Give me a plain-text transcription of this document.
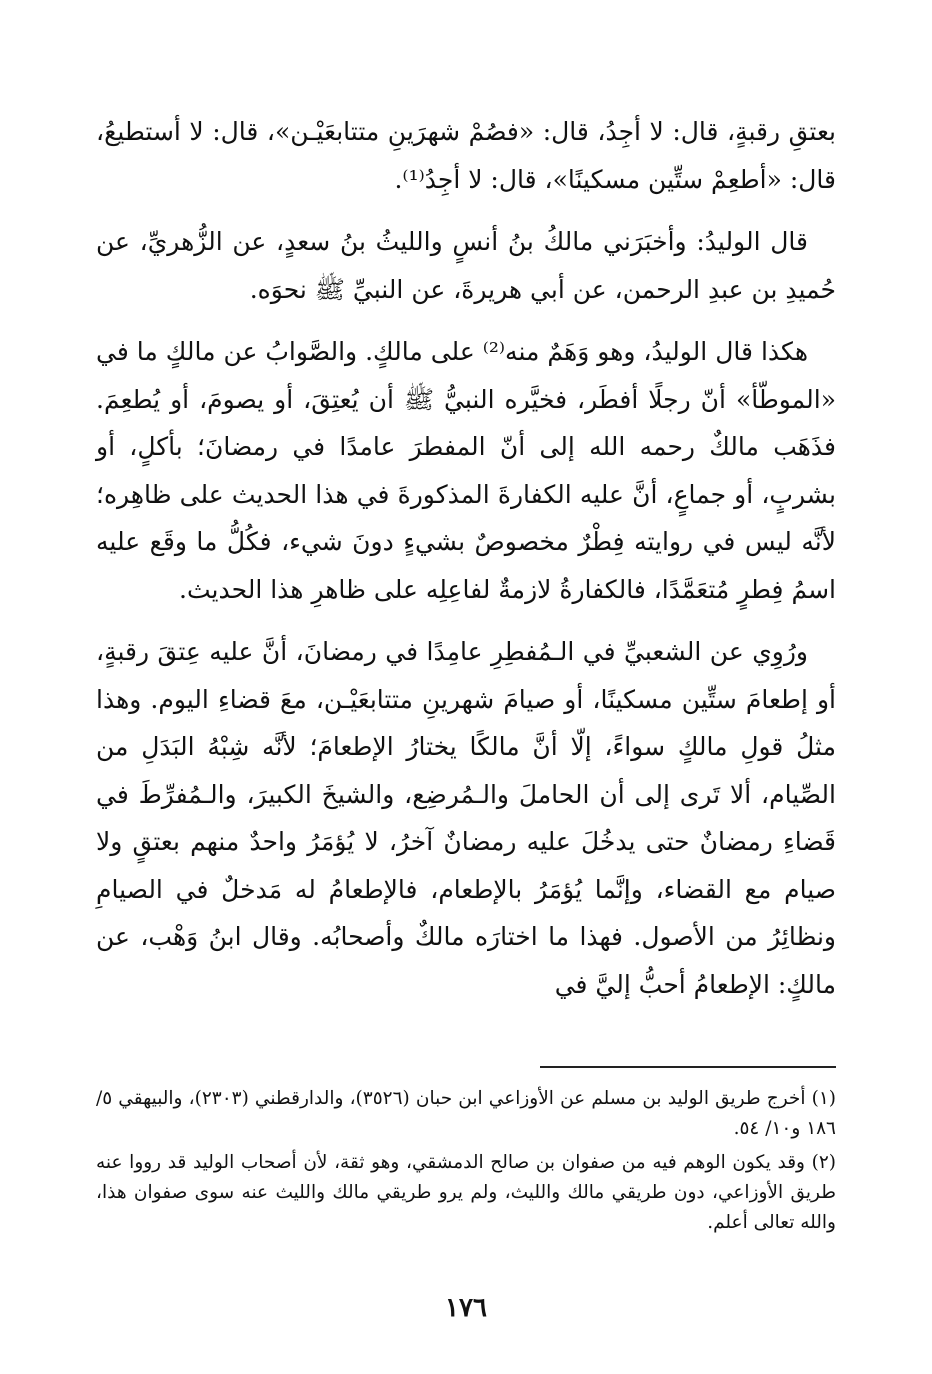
بعتقِ رقبةٍ، قال: لا أجِدُ، قال: «فصُمْ شهرَينِ متتابعَيْـن»، قال: لا أستطيعُ، قال: «أطعِمْ ستِّين مسكينًا»، قال: لا أجِدُ⁽¹⁾.

قال الوليدُ: وأخبَرَني مالكُ بنُ أنسٍ والليثُ بنُ سعدٍ، عن الزُّهريِّ، عن حُميدِ بن عبدِ الرحمن، عن أبي هريرةَ، عن النبيِّ ﷺ نحوَه.

هكذا قال الوليدُ، وهو وَهَمٌ منه⁽²⁾ على مالكٍ. والصَّوابُ عن مالكٍ ما في «الموطّأ» أنّ رجلًا أفطَر، فخيَّره النبيُّ ﷺ أن يُعتِقَ، أو يصومَ، أو يُطعِمَ. فذَهَب مالكٌ رحمه الله إلى أنّ المفطرَ عامدًا في رمضانَ؛ بأكلٍ، أو بشربٍ، أو جماعٍ، أنَّ عليه الكفارةَ المذكورةَ في هذا الحديث على ظاهِره؛ لأنَّه ليس في روايته فِطْرٌ مخصوصٌ بشيءٍ دونَ شيء، فكُلُّ ما وقَع عليه اسمُ فِطرٍ مُتعَمَّدًا، فالكفارةُ لازمةٌ لفاعِلِه على ظاهرِ هذا الحديث.

ورُوِي عن الشعبيِّ في الـمُفطِرِ عامِدًا في رمضانَ، أنَّ عليه عِتقَ رقبةٍ، أو إطعامَ ستِّين مسكينًا، أو صيامَ شهرينِ متتابعَيْـن، معَ قضاءِ اليوم. وهذا مثلُ قولِ مالكٍ سواءً، إلّا أنَّ مالكًا يختارُ الإطعامَ؛ لأنَّه شِبْهُ البَدَلِ من الصِّيام، ألا تَرى إلى أن الحاملَ والـمُرضِع، والشيخَ الكبيرَ، والـمُفرِّطَ في قَضاءِ رمضانٌ حتى يدخُلَ عليه رمضانٌ آخرُ، لا يُؤمَرُ واحدٌ منهم بعتقٍ ولا صيام مع القضاء، وإنَّما يُؤمَرُ بالإطعام، فالإطعامُ له مَدخلٌ في الصيامِ ونظائِرُ من الأصول. فهذا ما اختارَه مالكٌ وأصحابُه. وقال ابنُ وَهْب، عن مالكٍ: الإطعامُ أحبُّ إليَّ في

(١) أخرج طريق الوليد بن مسلم عن الأوزاعي ابن حبان (٣٥٢٦)، والدارقطني (٢٣٠٣)، والبيهقي ٥/ ١٨٦ و١٠/ ٥٤.

(٢) وقد يكون الوهم فيه من صفوان بن صالح الدمشقي، وهو ثقة، لأن أصحاب الوليد قد رووا عنه طريق الأوزاعي، دون طريقي مالك والليث، ولم يرو طريقي مالك والليث عنه سوى صفوان هذا، والله تعالى أعلم.

١٧٦
